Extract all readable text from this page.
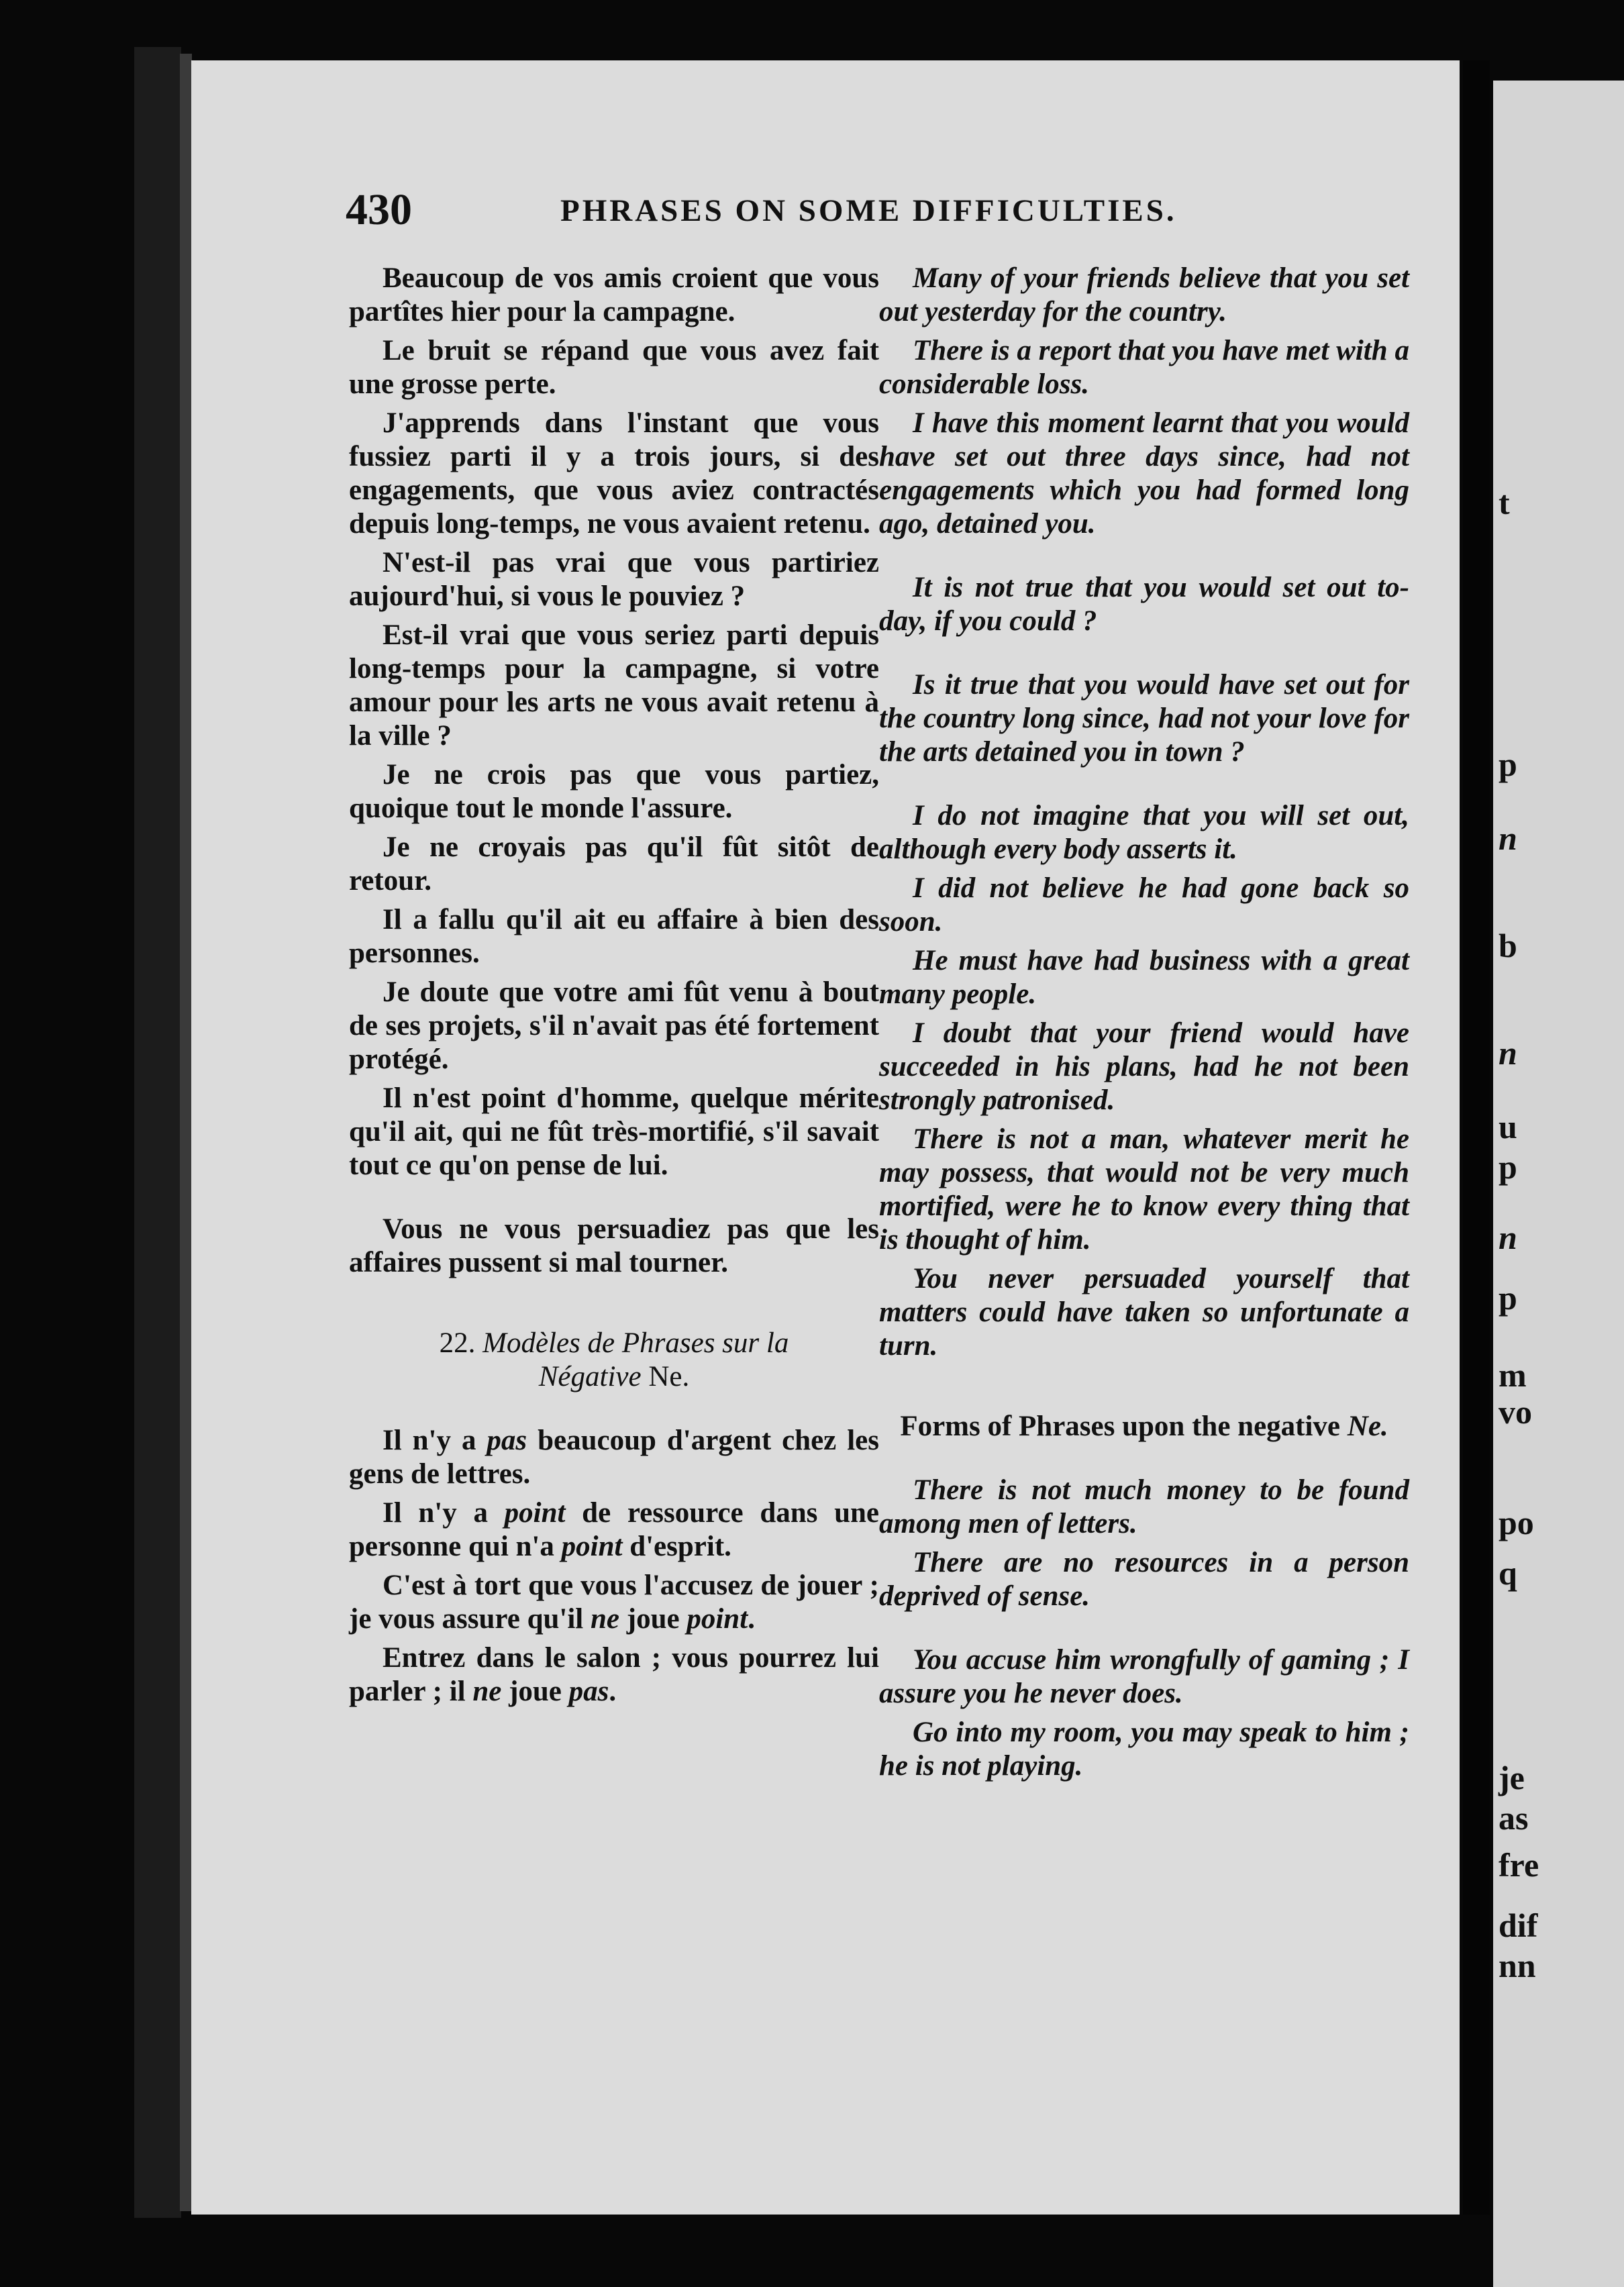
430	PHRASES ON SOME DIFFICULTIES.

Beaucoup de vos amis croient que vous partîtes hier pour la campagne.

Le bruit se répand que vous avez fait une grosse perte.

J'apprends dans l'instant que vous fussiez parti il y a trois jours, si des engagements, que vous aviez contractés depuis long-temps, ne vous avaient retenu.

N'est-il pas vrai que vous partiriez aujourd'hui, si vous le pouviez ?

Est-il vrai que vous seriez parti depuis long-temps pour la campagne, si votre amour pour les arts ne vous avait retenu à la ville ?

Je ne crois pas que vous partiez, quoique tout le monde l'assure.

Je ne croyais pas qu'il fût sitôt de retour.

Il a fallu qu'il ait eu affaire à bien des personnes.

Je doute que votre ami fût venu à bout de ses projets, s'il n'avait pas été fortement protégé.

Il n'est point d'homme, quelque mérite qu'il ait, qui ne fût très-mortifié, s'il savait tout ce qu'on pense de lui.

Vous ne vous persuadiez pas que les affaires pussent si mal tourner.

22. Modèles de Phrases sur la
Négative Ne.

Il n'y a pas beaucoup d'argent chez les gens de lettres.

Il n'y a point de ressource dans une personne qui n'a point d'esprit.

C'est à tort que vous l'accusez de jouer ; je vous assure qu'il ne joue point.

Entrez dans le salon ; vous pourrez lui parler ; il ne joue pas.

Many of your friends believe that you set out yesterday for the country.

There is a report that you have met with a considerable loss.

I have this moment learnt that you would have set out three days since, had not engagements which you had formed long ago, detained you.

It is not true that you would set out to-day, if you could ?

Is it true that you would have set out for the country long since, had not your love for the arts detained you in town ?

I do not imagine that you will set out, although every body asserts it.

I did not believe he had gone back so soon.

He must have had business with a great many people.

I doubt that your friend would have succeeded in his plans, had he not been strongly patronised.

There is not a man, whatever merit he may possess, that would not be very much mortified, were he to know every thing that is thought of him.

You never persuaded yourself that matters could have taken so unfortunate a turn.

Forms of Phrases upon the negative Ne.

There is not much money to be found among men of letters.

There are no resources in a person deprived of sense.

You accuse him wrongfully of gaming ; I assure you he never does.

Go into my room, you may speak to him ; he is not playing.

t
p
n
b
n
u
p
n
p
m
vo
po
q
je
as
fre
dif
nn
